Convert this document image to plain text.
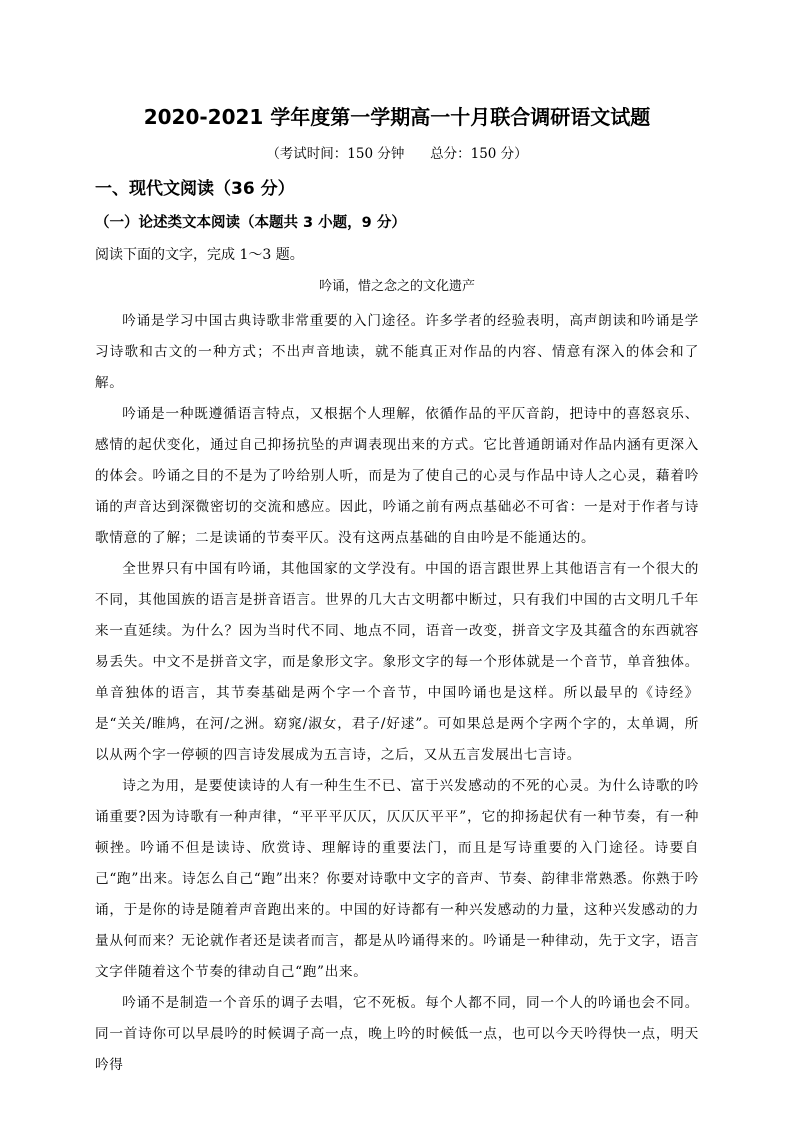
2020-2021 学年度第一学期高一十月联合调研语文试题
（考试时间：150 分钟      总分：150 分）
一、现代文阅读（36 分）
（一）论述类文本阅读（本题共 3 小题，9 分）
阅读下面的文字，完成 1～3 题。
吟诵，惜之念之的文化遗产

吟诵是学习中国古典诗歌非常重要的入门途径。许多学者的经验表明，高声朗读和吟诵是学习诗歌和古文的一种方式；不出声音地读，就不能真正对作品的内容、情意有深入的体会和了解。

吟诵是一种既遵循语言特点，又根据个人理解，依循作品的平仄音韵，把诗中的喜怒哀乐、感情的起伏变化，通过自己抑扬抗坠的声调表现出来的方式。它比普通朗诵对作品内涵有更深入的体会。吟诵之目的不是为了吟给别人听，而是为了使自己的心灵与作品中诗人之心灵，藉着吟诵的声音达到深微密切的交流和感应。因此，吟诵之前有两点基础必不可省：一是对于作者与诗歌情意的了解；二是读诵的节奏平仄。没有这两点基础的自由吟是不能通达的。

全世界只有中国有吟诵，其他国家的文学没有。中国的语言跟世界上其他语言有一个很大的不同，其他国族的语言是拼音语言。世界的几大古文明都中断过，只有我们中国的古文明几千年来一直延续。为什么？因为当时代不同、地点不同，语音一改变，拼音文字及其蕴含的东西就容易丢失。中文不是拼音文字，而是象形文字。象形文字的每一个形体就是一个音节，单音独体。单音独体的语言，其节奏基础是两个字一个音节，中国吟诵也是这样。所以最早的《诗经》是“关关/睢鸠，在河/之洲。窈窕/淑女，君子/好逑”。可如果总是两个字两个字的，太单调，所以从两个字一停顿的四言诗发展成为五言诗，之后，又从五言发展出七言诗。

诗之为用，是要使读诗的人有一种生生不已、富于兴发感动的不死的心灵。为什么诗歌的吟诵重要?因为诗歌有一种声律，“平平平仄仄，仄仄仄平平”，它的抑扬起伏有一种节奏，有一种顿挫。吟诵不但是读诗、欣赏诗、理解诗的重要法门，而且是写诗重要的入门途径。诗要自己“跑”出来。诗怎么自己“跑”出来？你要对诗歌中文字的音声、节奏、韵律非常熟悉。你熟于吟诵，于是你的诗是随着声音跑出来的。中国的好诗都有一种兴发感动的力量，这种兴发感动的力量从何而来？无论就作者还是读者而言，都是从吟诵得来的。吟诵是一种律动，先于文字，语言文字伴随着这个节奏的律动自己“跑”出来。

吟诵不是制造一个音乐的调子去唱，它不死板。每个人都不同，同一个人的吟诵也会不同。同一首诗你可以早晨吟的时候调子高一点，晚上吟的时候低一点，也可以今天吟得快一点，明天吟得
